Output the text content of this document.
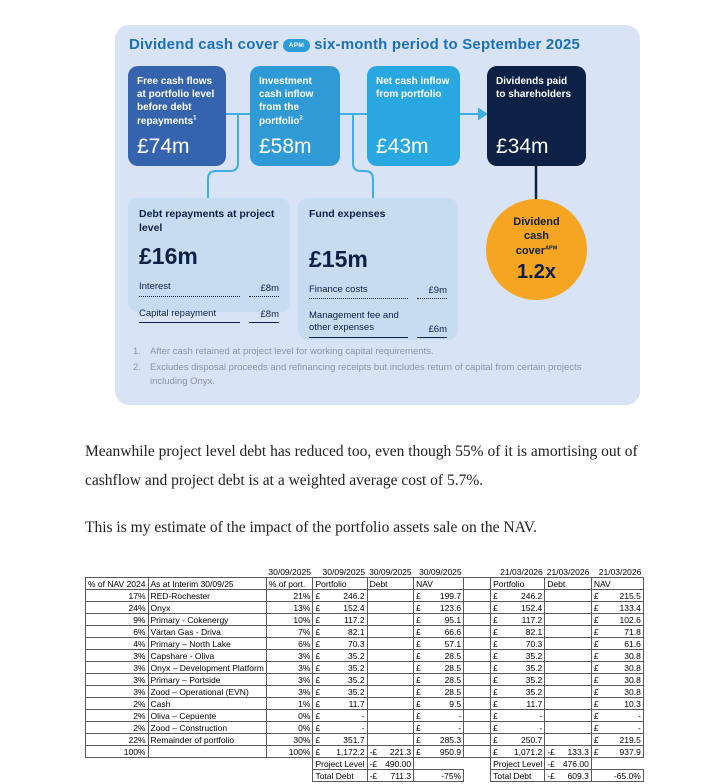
Dividend cash cover APM six-month period to September 2025
Free cash flows at portfolio level before debt repayments$^1$
£74m
Investment cash inflow from the portfolio$^2$
£58m
Net cash inflow from portfolio
£43m
Dividends paid to shareholders
£34m
Debt repayments at project level
£16m
Interest	£8m
Capital repayment	£8m
Fund expenses
£15m
Finance costs	£9m
Management fee and other expenses	£6m
Dividend cash cover$^{APM}$
1.2x
1. After cash retained at project level for working capital requirements.
2. Excludes disposal proceeds and refinancing receipts but includes return of capital from certain projects including Onyx.

Meanwhile project level debt has reduced too, even though 55% of it is amortising out of cashflow and project debt is at a weighted average cost of 5.7%.

This is my estimate of the impact of the portfolio assets sale on the NAV.

		30/09/2025	30/09/2025		30/09/2025		30/09/2025			21/03/2026		21/03/2026		21/03/2026	
% of NAV 2024	As at Interim 30/09/25	% of port.	Portfolio		Debt		NAV			Portfolio		Debt		NAV	
17%	RED-Rochester	21%	£	246.2			£	199.7		£	246.2			£	215.5
24%	Onyx	13%	£	152.4			£	123.6		£	152.4			£	133.4
9%	Primary - Cokenergy	10%	£	117.2			£	95.1		£	117.2			£	102.6
6%	Värtan Gas - Driva	7%	£	82.1			£	66.6		£	82.1			£	71.8
4%	Primary – North Lake	6%	£	70.3			£	57.1		£	70.3			£	61.6
3%	Capshare - Oliva	3%	£	35.2			£	28.5		£	35.2			£	30.8
3%	Onyx – Development Platform	3%	£	35.2			£	28.5		£	35.2			£	30.8
3%	Primary – Portside	3%	£	35.2			£	28.5		£	35.2			£	30.8
3%	Zood – Operational (EVN)	3%	£	35.2			£	28.5		£	35.2			£	30.8
2%	Cash	1%	£	11.7			£	9.5		£	11.7			£	10.3
2%	Oliva – Cepuente	0%	£	-			£	-		£	-			£	-
2%	Zood – Construction	0%	£	-			£	-		£	-			£	-
22%	Remainder of portfolio	30%	£	351.7			£	285.3		£	250.7			£	219.5
100%		100%	£	1,172.2	-£	221.3	£	950.9		£	1,071.2	-£	133.3	£	937.9
			Project Level		-£	490.00				Project Level		-£	476.00		
			Total Debt		-£	711.3	-75%			Total Debt		-£	609.3	-65.0%	
